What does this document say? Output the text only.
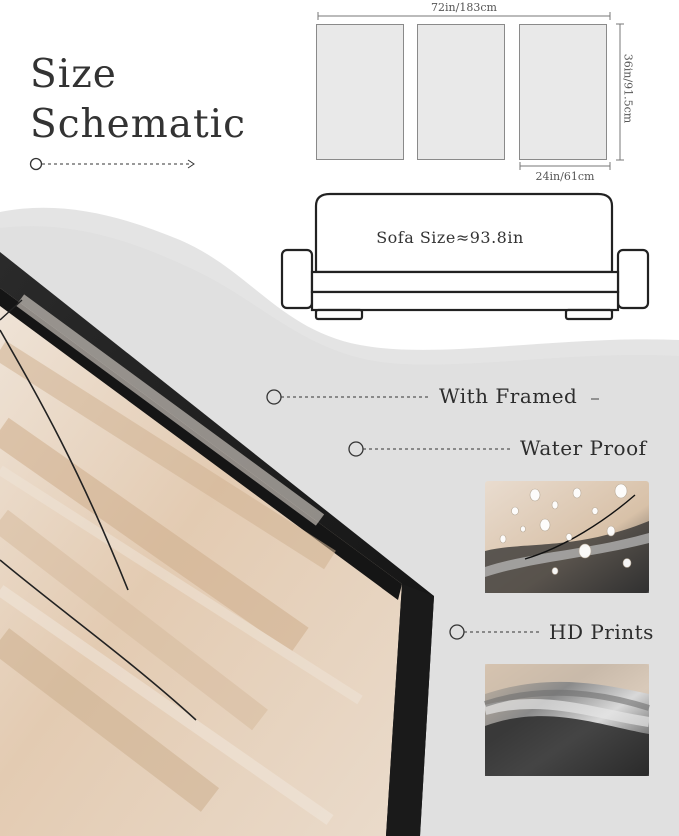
Size
Schematic
72in/183cm
36in/91.5cm
24in/61cm
Sofa Size≈93.8in
With Framed
Water Proof
HD Prints
